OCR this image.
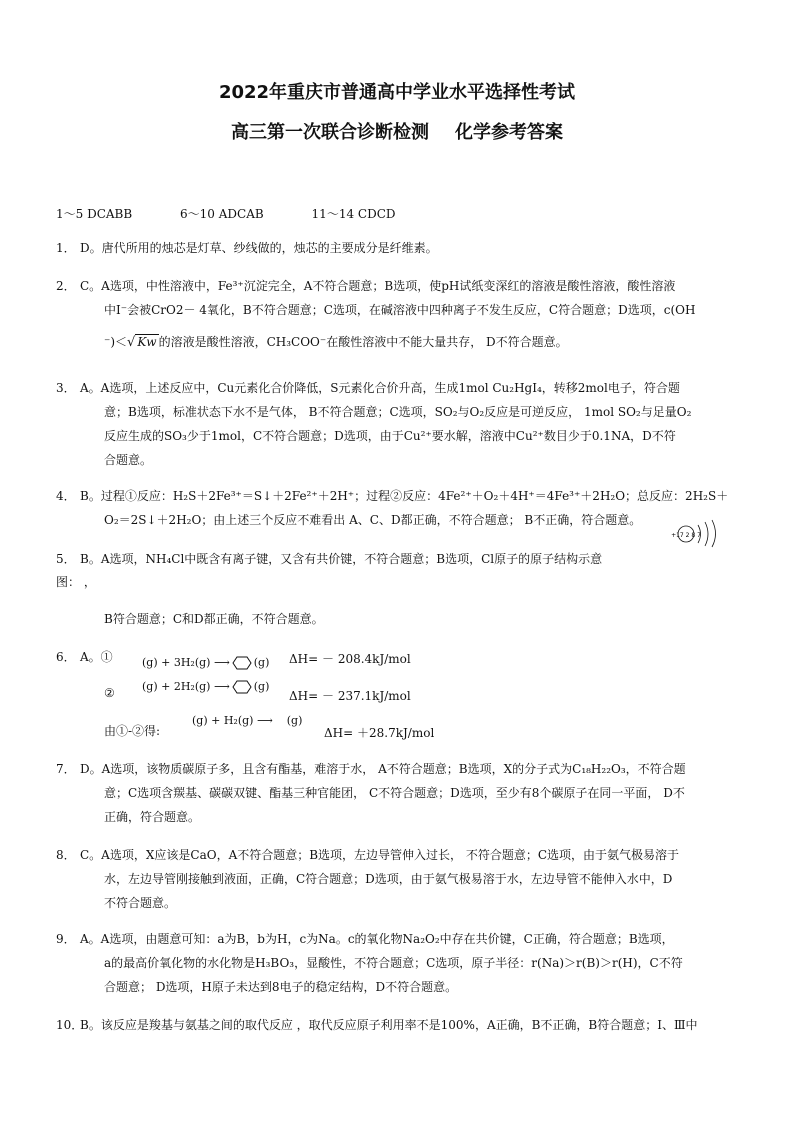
2022年重庆市普通高中学业水平选择性考试
高三第一次联合诊断检测 化学参考答案
1～5 DCABB	6～10 ADCAB	11～14 CDCD
1． D。唐代所用的烛芯是灯草、纱线做的，烛芯的主要成分是纤维素。
2． C。A选项，中性溶液中，Fe³⁺沉淀完全，A不符合题意；B选项，使pH试纸变深红的溶液是酸性溶液，酸性溶液
中I⁻会被CrO2－ 4氧化，B不符合题意；C选项，在碱溶液中四种离子不发生反应，C符合题意；D选项，c(OH
⁻)＜√ Kw 的溶液是酸性溶液，CH₃COO⁻在酸性溶液中不能大量共存， D不符合题意。
3． A。A选项，上述反应中，Cu元素化合价降低，S元素化合价升高，生成1mol Cu₂HgI₄，转移2mol电子，符合题
意；B选项，标准状态下水不是气体， B不符合题意；C选项，SO₂与O₂反应是可逆反应， 1mol SO₂与足量O₂
反应生成的SO₃少于1mol，C不符合题意；D选项，由于Cu²⁺要水解，溶液中Cu²⁺数目少于0.1NA，D不符
合题意。
4． B。过程①反应：H₂S＋2Fe³⁺＝S↓＋2Fe²⁺＋2H⁺；过程②反应：4Fe²⁺＋O₂＋4H⁺＝4Fe³⁺＋2H₂O；总反应：2H₂S＋
O₂＝2S↓＋2H₂O；由上述三个反应不难看出 A、C、D都正确，不符合题意； B不正确，符合题意。
+17 2 8 7
5． B。A选项，NH₄Cl中既含有离子键，又含有共价键，不符合题意；B选项，Cl原子的原子结构示意
图： ，
B符合题意；C和D都正确，不符合题意。
6． A。①	(g) + 3H₂(g) ⟶ (g) ΔH= － 208.4kJ/mol
② (g) + 2H₂(g) ⟶ (g)
ΔH= － 237.1kJ/mol
由①-②得:
(g) + H₂(g) ⟶ (g)
ΔH= ＋28.7kJ/mol
7． D。A选项，该物质碳原子多，且含有酯基，难溶于水， A不符合题意；B选项，X的分子式为C₁₈H₂₂O₃，不符合题
意；C选项含羰基、碳碳双键、酯基三种官能团， C不符合题意；D选项，至少有8个碳原子在同一平面， D不
正确，符合题意。
8． C。A选项，X应该是CaO，A不符合题意；B选项，左边导管伸入过长， 不符合题意；C选项，由于氨气极易溶于
水，左边导管刚接触到液面，正确，C符合题意；D选项，由于氨气极易溶于水，左边导管不能伸入水中，D
不符合题意。
9． A。A选项，由题意可知：a为B，b为H，c为Na。c的氧化物Na₂O₂中存在共价键，C正确，符合题意；B选项，
a的最高价氧化物的水化物是H₃BO₃，显酸性，不符合题意；C选项，原子半径：r(Na)＞r(B)＞r(H)，C不符
合题意； D选项，H原子未达到8电子的稳定结构，D不符合题意。
10．B。该反应是羧基与氨基之间的取代反应 ，取代反应原子利用率不是100%，A正确，B不正确，B符合题意；Ⅰ、Ⅲ中
